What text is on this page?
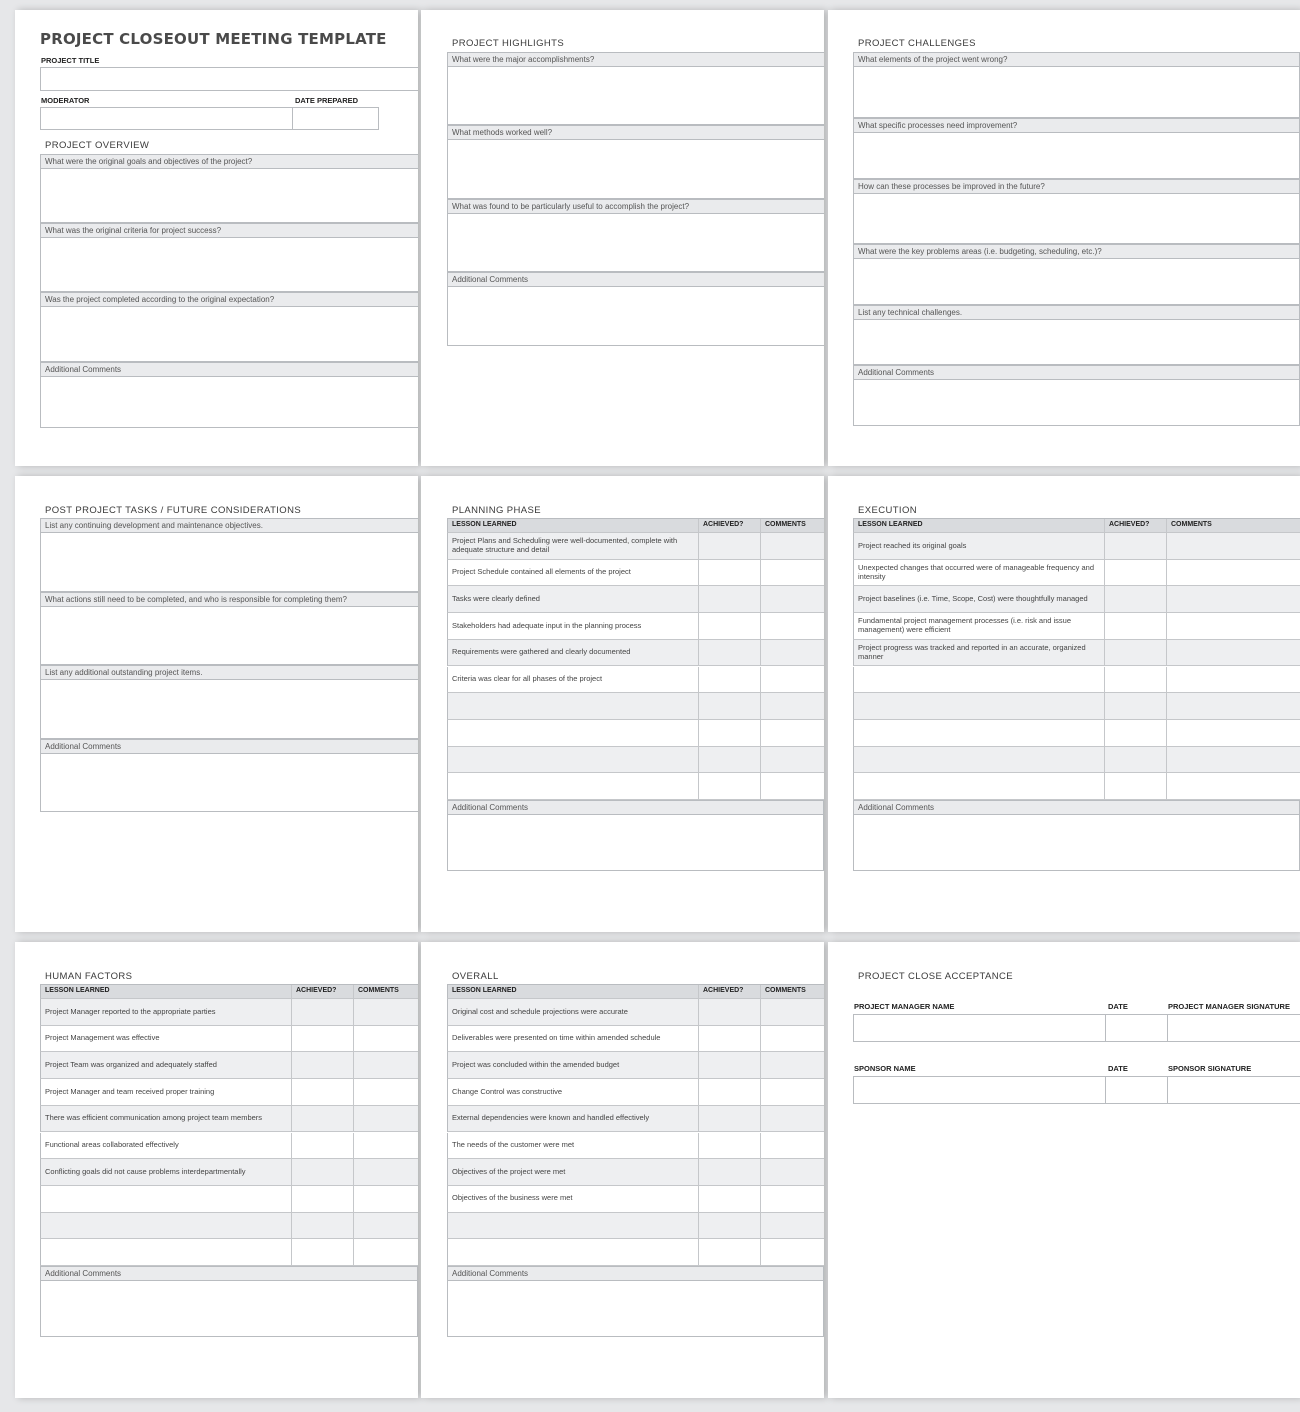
PROJECT CLOSEOUT MEETING TEMPLATE
PROJECT TITLE
MODERATOR	DATE PREPARED
PROJECT OVERVIEW
What were the original goals and objectives of the project?
What was the original criteria for project success?
Was the project completed according to the original expectation?
Additional Comments
PROJECT HIGHLIGHTS
What were the major accomplishments?
What methods worked well?
What was found to be particularly useful to accomplish the project?
Additional Comments
PROJECT CHALLENGES
What elements of the project went wrong?
What specific processes need improvement?
How can these processes be improved in the future?
What were the key problems areas (i.e. budgeting, scheduling, etc.)?
List any technical challenges.
Additional Comments
POST PROJECT TASKS / FUTURE CONSIDERATIONS
List any continuing development and maintenance objectives.
What actions still need to be completed, and who is responsible for completing them?
List any additional outstanding project items.
Additional Comments
PLANNING PHASE
LESSON LEARNED	ACHIEVED?	COMMENTS
Project Plans and Scheduling were well-documented, complete with adequate structure and detail
Project Schedule contained all elements of the project
Tasks were clearly defined
Stakeholders had adequate input in the planning process
Requirements were gathered and clearly documented
Criteria was clear for all phases of the project
Additional Comments
EXECUTION
LESSON LEARNED	ACHIEVED?	COMMENTS
Project reached its original goals
Unexpected changes that occurred were of manageable frequency and intensity
Project baselines (i.e. Time, Scope, Cost) were thoughtfully managed
Fundamental project management processes (i.e. risk and issue management) were efficient
Project progress was tracked and reported in an accurate, organized manner
Additional Comments
HUMAN FACTORS
LESSON LEARNED	ACHIEVED?	COMMENTS
Project Manager reported to the appropriate parties
Project Management was effective
Project Team was organized and adequately staffed
Project Manager and team received proper training
There was efficient communication among project team members
Functional areas collaborated effectively
Conflicting goals did not cause problems interdepartmentally
Additional Comments
OVERALL
LESSON LEARNED	ACHIEVED?	COMMENTS
Original cost and schedule projections were accurate
Deliverables were presented on time within amended schedule
Project was concluded within the amended budget
Change Control was constructive
External dependencies were known and handled effectively
The needs of the customer were met
Objectives of the project were met
Objectives of the business were met
Additional Comments
PROJECT CLOSE ACCEPTANCE
PROJECT MANAGER NAME	DATE	PROJECT MANAGER SIGNATURE
SPONSOR NAME	DATE	SPONSOR SIGNATURE
